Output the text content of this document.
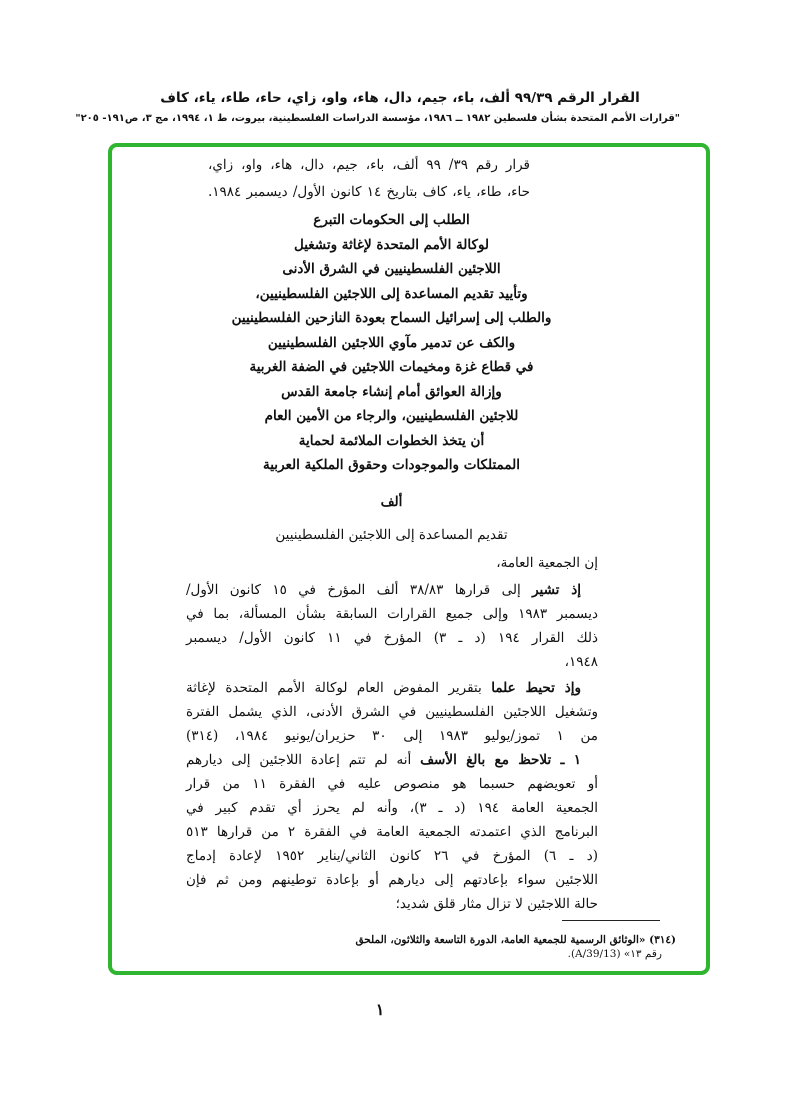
القرار الرقم ٩٩/٣٩ ألف، باء، جيم، دال، هاء، واو، زاي، حاء، طاء، ياء، كاف
"قرارات الأمم المتحدة بشأن فلسطين ١٩٨٢ ــ ١٩٨٦، مؤسسة الدراسات الفلسطينية، بيروت، ط ١، ١٩٩٤، مج ٣، ص١٩١- ٢٠٥"
قرار رقم ٣٩/ ٩٩ ألف، باء، جيم، دال، هاء، واو، زاي،
حاء، طاء، ياء، كاف بتاريخ ١٤ كانون الأول/ ديسمبر ١٩٨٤.
الطلب إلى الحكومات التبرع
لوكالة الأمم المتحدة لإغاثة وتشغيل
اللاجئين الفلسطينيين في الشرق الأدنى
وتأييد تقديم المساعدة إلى اللاجئين الفلسطينيين،
والطلب إلى إسرائيل السماح بعودة النازحين الفلسطينيين
والكف عن تدمير مآوي اللاجئين الفلسطينيين
في قطاع غزة ومخيمات اللاجئين في الضفة الغربية
وإزالة العوائق أمام إنشاء جامعة القدس
للاجئين الفلسطينيين، والرجاء من الأمين العام
أن يتخذ الخطوات الملائمة لحماية
الممتلكات والموجودات وحقوق الملكية العربية
ألف
تقديم المساعدة إلى اللاجئين الفلسطينيين
إن الجمعية العامة،
إذ تشير إلى قرارها ٣٨/٨٣ ألف المؤرخ في ١٥ كانون الأول/
ديسمبر ١٩٨٣ وإلى جميع القرارات السابقة بشأن المسألة، بما في
ذلك القرار ١٩٤ (د ـ ٣) المؤرخ في ١١ كانون الأول/ ديسمبر
١٩٤٨،
وإذ تحيط علما بتقرير المفوض العام لوكالة الأمم المتحدة لإغاثة
وتشغيل اللاجئين الفلسطينيين في الشرق الأدنى، الذي يشمل الفترة
من ١ تموز/يوليو ١٩٨٣ إلى ٣٠ حزيران/يونيو ١٩٨٤، (٣١٤)
١ ـ تلاحظ مع بالغ الأسف أنه لم تتم إعادة اللاجئين إلى ديارهم
أو تعويضهم حسبما هو منصوص عليه في الفقرة ١١ من قرار
الجمعية العامة ١٩٤ (د ـ ٣)، وأنه لم يحرز أي تقدم كبير في
البرنامج الذي اعتمدته الجمعية العامة في الفقرة ٢ من قرارها ٥١٣
(د ـ ٦) المؤرخ في ٢٦ كانون الثاني/يناير ١٩٥٢ لإعادة إدماج
اللاجئين سواء بإعادتهم إلى ديارهم أو بإعادة توطينهم ومن ثم فإن
حالة اللاجئين لا تزال مثار قلق شديد؛
(٣١٤) «الوثائق الرسمية للجمعية العامة، الدورة التاسعة والثلاثون، الملحق
رقم ١٣» (A/39/13).
١
